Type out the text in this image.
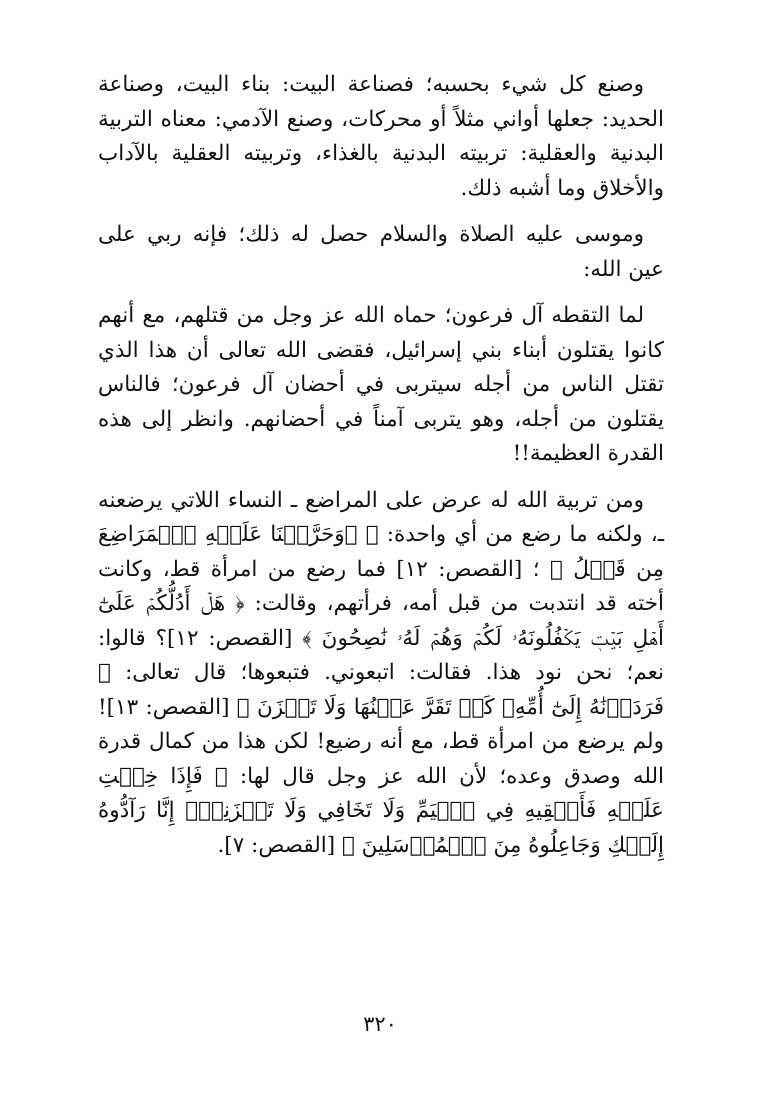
وصنع كل شيء بحسبه؛ فصناعة البيت: بناء البيت، وصناعة الحديد: جعلها أواني مثلاً أو محركات، وصنع الآدمي: معناه التربية البدنية والعقلية: تربيته البدنية بالغذاء، وتربيته العقلية بالآداب والأخلاق وما أشبه ذلك.

وموسى عليه الصلاة والسلام حصل له ذلك؛ فإنه ربي على عين الله:

لما التقطه آل فرعون؛ حماه الله عز وجل من قتلهم، مع أنهم كانوا يقتلون أبناء بني إسرائيل، فقضى الله تعالى أن هذا الذي تقتل الناس من أجله سيتربى في أحضان آل فرعون؛ فالناس يقتلون من أجله، وهو يتربى آمناً في أحضانهم. وانظر إلى هذه القدرة العظيمة!!

ومن تربية الله له عرض على المراضع ـ النساء اللاتي يرضعنه ـ، ولكنه ما رضع من أي واحدة: ﴿ ۞وَحَرَّمۡنَا عَلَيۡهِ ٱلۡمَرَاضِعَ مِن قَبۡلُ ﴾ ؛ [القصص: ١٢] فما رضع من امرأة قط، وكانت أخته قد انتدبت من قبل أمه، فرأتهم، وقالت: ﴿ هَلۡ أَدُلُّكُمۡ عَلَىٰٓ أَهۡلِ بَيۡتٖ يَكۡفُلُونَهُۥ لَكُمۡ وَهُمۡ لَهُۥ نَٰصِحُونَ ﴾ [القصص: ١٢]؟ قالوا: نعم؛ نحن نود هذا. فقالت: اتبعوني. فتبعوها؛ قال تعالى: ﴿ فَرَدَدۡنَٰهُ إِلَىٰٓ أُمِّهِۦ كَيۡ تَقَرَّ عَيۡنُهَا وَلَا تَحۡزَنَ ﴾ [القصص: ١٣]! ولم يرضع من امرأة قط، مع أنه رضيع! لكن هذا من كمال قدرة الله وصدق وعده؛ لأن الله عز وجل قال لها: ﴿ فَإِذَا خِفۡتِ عَلَيۡهِ فَأَلۡقِيهِ فِي ٱلۡيَمِّ وَلَا تَخَافِي وَلَا تَحۡزَنِيٓۖ إِنَّا رَآدُّوهُ إِلَيۡكِ وَجَاعِلُوهُ مِنَ ٱلۡمُرۡسَلِينَ ﴾ [القصص: ٧].

٣٢٠
